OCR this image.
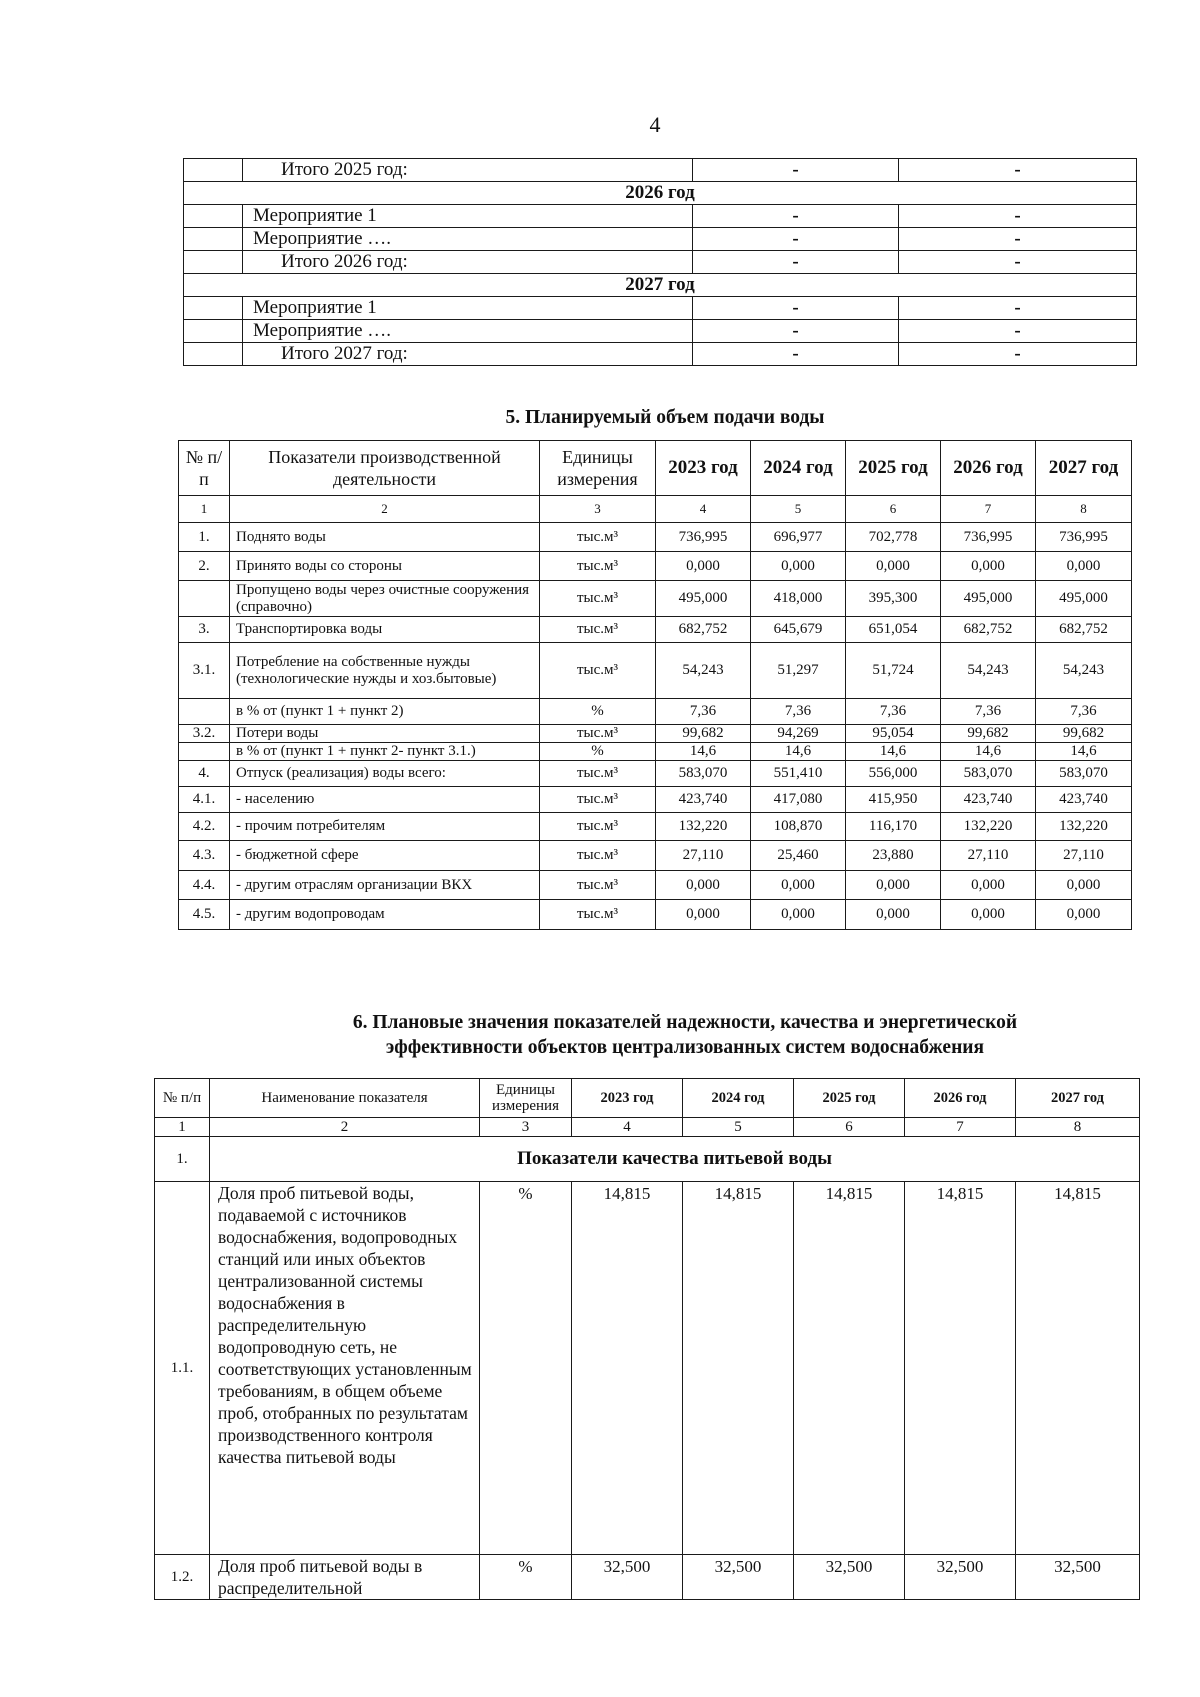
4
	Итого 2025 год:	-	-
2026 год			
	Мероприятие 1	-	-
	Мероприятие ….	-	-
	Итого 2026 год:	-	-
2027 год			
	Мероприятие 1	-	-
	Мероприятие ….	-	-
	Итого 2027 год:	-	-
5. Планируемый объем подачи воды
№ п/п	Показатели производственной деятельности	Единицы измерения	2023 год	2024 год	2025 год	2026 год	2027 год
1	2	3	4	5	6	7	8
1.	Поднято воды	тыс.м³	736,995	696,977	702,778	736,995	736,995
2.	Принято воды со стороны	тыс.м³	0,000	0,000	0,000	0,000	0,000
	Пропущено воды через очистные сооружения (справочно)	тыс.м³	495,000	418,000	395,300	495,000	495,000
3.	Транспортировка воды	тыс.м³	682,752	645,679	651,054	682,752	682,752
3.1.	Потребление на собственные нужды (технологические нужды и хоз.бытовые)	тыс.м³	54,243	51,297	51,724	54,243	54,243
	в % от (пункт 1 + пункт 2)	%	7,36	7,36	7,36	7,36	7,36
3.2.	Потери воды	тыс.м³	99,682	94,269	95,054	99,682	99,682
	в % от (пункт 1 + пункт 2- пункт 3.1.)	%	14,6	14,6	14,6	14,6	14,6
4.	Отпуск (реализация) воды всего:	тыс.м³	583,070	551,410	556,000	583,070	583,070
4.1.	- населению	тыс.м³	423,740	417,080	415,950	423,740	423,740
4.2.	- прочим потребителям	тыс.м³	132,220	108,870	116,170	132,220	132,220
4.3.	- бюджетной сфере	тыс.м³	27,110	25,460	23,880	27,110	27,110
4.4.	- другим отраслям организации ВКХ	тыс.м³	0,000	0,000	0,000	0,000	0,000
4.5.	- другим водопроводам	тыс.м³	0,000	0,000	0,000	0,000	0,000
6. Плановые значения показателей надежности, качества и энергетической
эффективности объектов централизованных систем водоснабжения
№ п/п	Наименование показателя	Единицы измерения	2023 год	2024 год	2025 год	2026 год	2027 год
1	2	3	4	5	6	7	8
1.	Показатели качества питьевой воды						
1.1.	Доля проб питьевой воды, подаваемой с источников водоснабжения, водопроводных станций или иных объектов централизованной системы водоснабжения в распределительную водопроводную сеть, не соответствующих установленным требованиям, в общем объеме проб, отобранных по результатам производственного контроля качества питьевой воды	%	14,815	14,815	14,815	14,815	14,815
1.2.	Доля проб питьевой воды в распределительной	%	32,500	32,500	32,500	32,500	32,500
